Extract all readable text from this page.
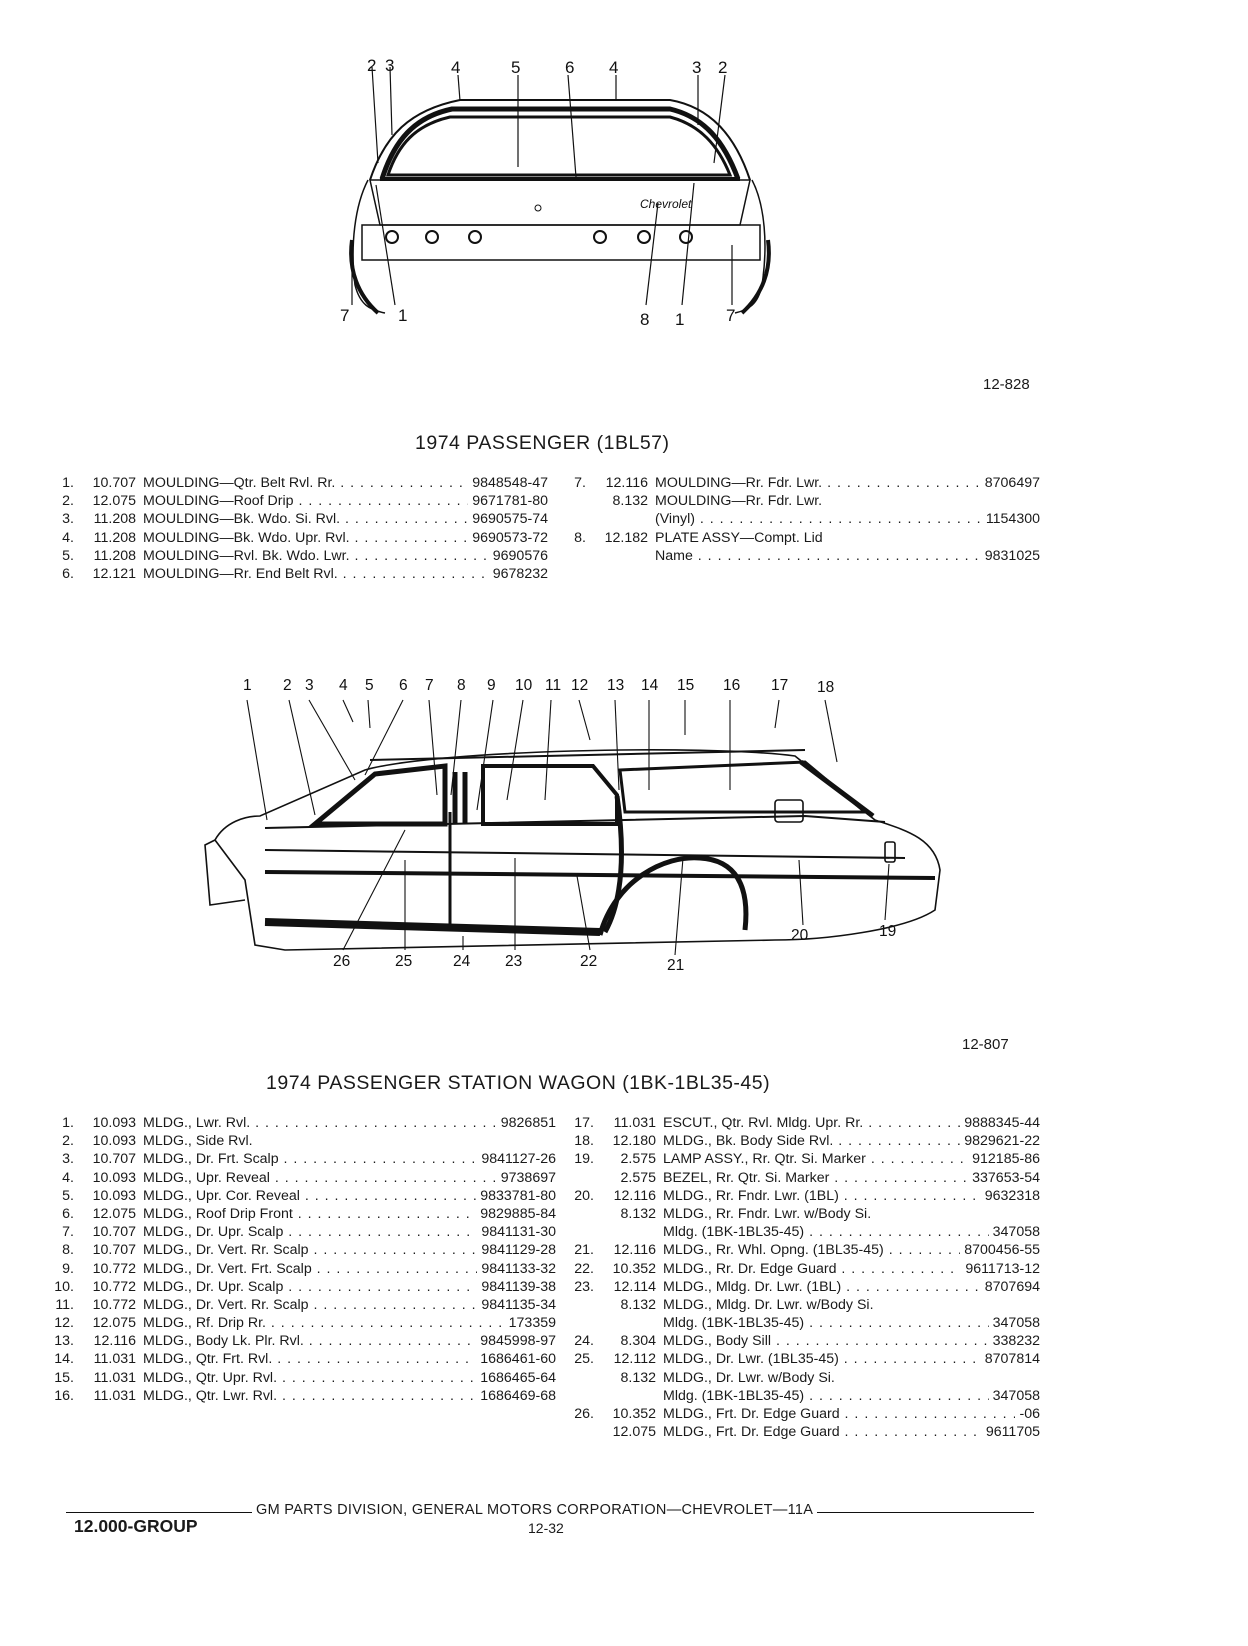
Chevrolet
2 3	4	5	6 4	3 2
7	1	8 1 7
12-828
1974 PASSENGER (1BL57)
1.	10.707 MOULDING—Qtr. Belt Rvl. Rr. . . .	9848548-47
2.	12.075 MOULDING—Roof Drip . . .	9671781-80
3.	11.208 MOULDING—Bk. Wdo. Si. Rvl. . . .	9690575-74
4.	11.208 MOULDING—Bk. Wdo. Upr. Rvl. . . .	9690573-72
5.	11.208 MOULDING—Rvl. Bk. Wdo. Lwr. . . .	9690576
6.	12.121 MOULDING—Rr. End Belt Rvl. . . .	9678232
7.	12.116 MOULDING—Rr. Fdr. Lwr. . . .	8706497
8.132 MOULDING—Rr. Fdr. Lwr.
(Vinyl) . . .	1154300
8.	12.182 PLATE ASSY—Compt. Lid
Name . . .	9831025
1 2 3 4 5 6 7 8 9 10 11 12 13 14 15 16 17 18
26	25	24 23	22	21
20	19
12-807
1974 PASSENGER STATION WAGON (1BK-1BL35-45)
1.	10.093 MLDG., Lwr. Rvl. . . .	9826851
2.	10.093 MLDG., Side Rvl.
3.	10.707 MLDG., Dr. Frt. Scalp . . .	9841127-26
4.	10.093 MLDG., Upr. Reveal . . .	9738697
5.	10.093 MLDG., Upr. Cor. Reveal . . .	9833781-80
6.	12.075 MLDG., Roof Drip Front . . .	9829885-84
7.	10.707 MLDG., Dr. Upr. Scalp . . .	9841131-30
8.	10.707 MLDG., Dr. Vert. Rr. Scalp . . .	9841129-28
9.	10.772 MLDG., Dr. Vert. Frt. Scalp . . .	9841133-32
10.	10.772 MLDG., Dr. Upr. Scalp . . .	9841139-38
11.	10.772 MLDG., Dr. Vert. Rr. Scalp . . .	9841135-34
12.	12.075 MLDG., Rf. Drip Rr. . . .	173359
13.	12.116 MLDG., Body Lk. Plr. Rvl. . . .	9845998-97
14.	11.031 MLDG., Qtr. Frt. Rvl. . . .	1686461-60
15.	11.031 MLDG., Qtr. Upr. Rvl. . . .	1686465-64
16.	11.031 MLDG., Qtr. Lwr. Rvl. . . .	1686469-68
17.	11.031 ESCUT., Qtr. Rvl. Mldg. Upr. Rr. . . .	9888345-44
18.	12.180 MLDG., Bk. Body Side Rvl. . . .	9829621-22
19.	2.575 LAMP ASSY., Rr. Qtr. Si. Marker . . .	912185-86
2.575 BEZEL, Rr. Qtr. Si. Marker . . .	337653-54
20.	12.116 MLDG., Rr. Fndr. Lwr. (1BL) . . .	9632318
8.132 MLDG., Rr. Fndr. Lwr. w/Body Si.
Mldg. (1BK-1BL35-45) . . .	347058
21.	12.116 MLDG., Rr. Whl. Opng. (1BL35-45) . . .	8700456-55
22.	10.352 MLDG., Rr. Dr. Edge Guard . . .	9611713-12
23.	12.114 MLDG., Mldg. Dr. Lwr. (1BL) . . .	8707694
8.132 MLDG., Mldg. Dr. Lwr. w/Body Si.
Mldg. (1BK-1BL35-45) . . .	347058
24.	8.304 MLDG., Body Sill . . .	338232
25.	12.112 MLDG., Dr. Lwr. (1BL35-45) . . .	8707814
8.132 MLDG., Dr. Lwr. w/Body Si.
Mldg. (1BK-1BL35-45) . . .	347058
26.	10.352 MLDG., Frt. Dr. Edge Guard . . .	-06
12.075 MLDG., Frt. Dr. Edge Guard . . .	9611705
GM PARTS DIVISION, GENERAL MOTORS CORPORATION—CHEVROLET—11A
12.000-GROUP	12-32
